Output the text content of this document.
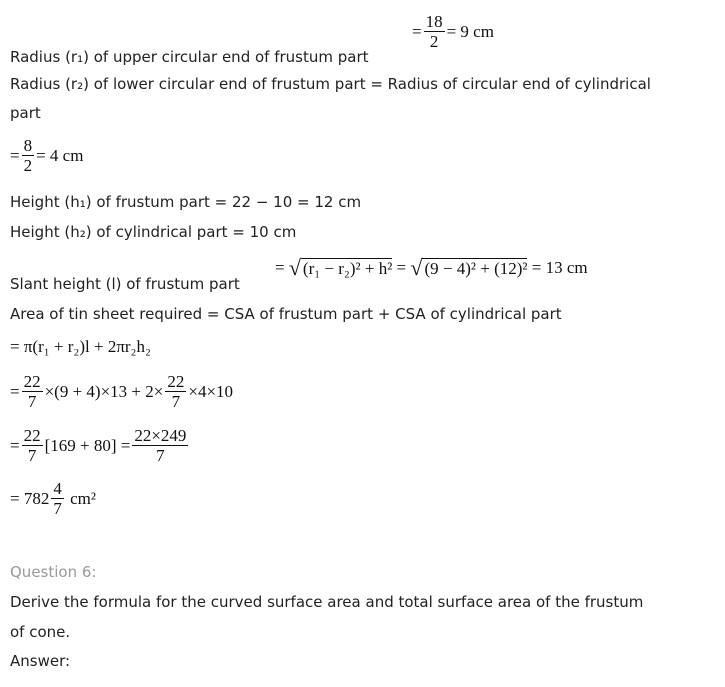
= $\frac{18}{2} = 9$ cm
Radius (r₁) of upper circular end of frustum part
Radius (r₂) of lower circular end of frustum part = Radius of circular end of cylindrical
part
= $\frac{8}{2} = 4$ cm
Height (h₁) of frustum part = 22 − 10 = 12 cm
Height (h₂) of cylindrical part = 10 cm
Slant height (l) of frustum part
= √ (r₁ − r₂)² + h² = √ (9 − 4)² + (12)²
= 13 cm
Area of tin sheet required = CSA of frustum part + CSA of cylindrical part
= π(r₁ + r₂)l + 2πr₂h₂
= $\frac{22}{7} \times(9 + 4)\times 13 + 2\times \frac{22}{7} \times 4\times 10$
= $\frac{22}{7} [169 + 80] = \frac{22\times 249}{7}$
= $782 \frac{4}{7}$
cm²
Question 6:
Derive the formula for the curved surface area and total surface area of the frustum
of cone.
Answer:
